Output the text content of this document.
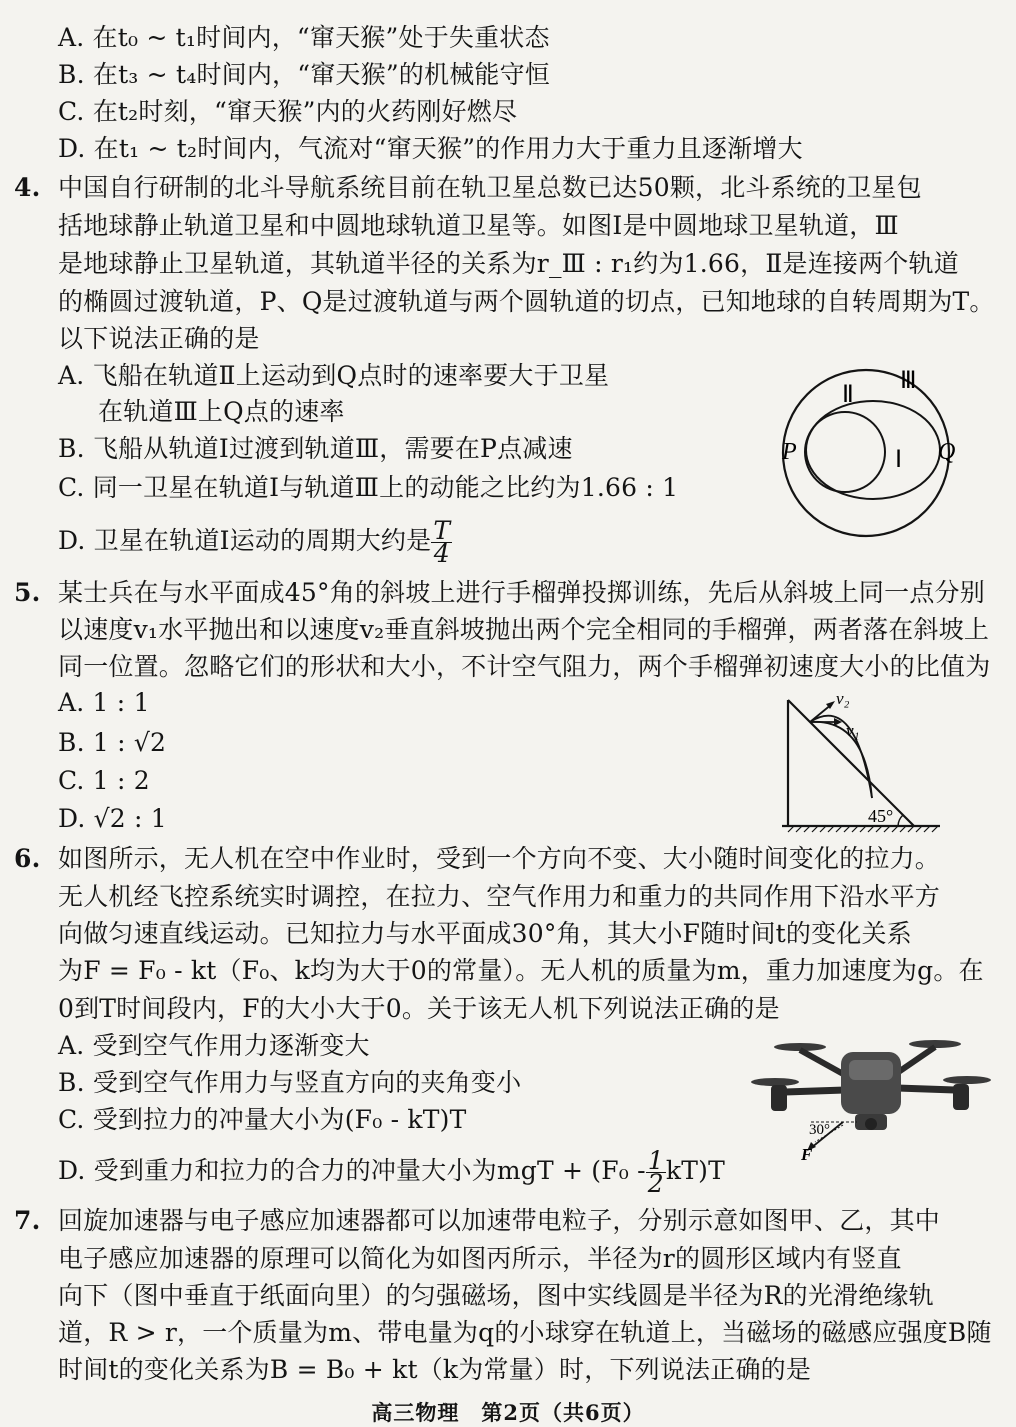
A. 在t₀ ~ t₁时间内，“窜天猴”处于失重状态
B. 在t₃ ~ t₄时间内，“窜天猴”的机械能守恒
C. 在t₂时刻，“窜天猴”内的火药刚好燃尽
D. 在t₁ ~ t₂时间内，气流对“窜天猴”的作用力大于重力且逐渐增大
4. 中国自行研制的北斗导航系统目前在轨卫星总数已达50颗，北斗系统的卫星包
括地球静止轨道卫星和中圆地球轨道卫星等。如图Ⅰ是中圆地球卫星轨道，Ⅲ
是地球静止卫星轨道，其轨道半径的关系为r_Ⅲ : r₁约为1.66，Ⅱ是连接两个轨道
的椭圆过渡轨道，P、Q是过渡轨道与两个圆轨道的切点，已知地球的自转周期为T。
以下说法正确的是
A. 飞船在轨道Ⅱ上运动到Q点时的速率要大于卫星
在轨道Ⅲ上Q点的速率
B. 飞船从轨道Ⅰ过渡到轨道Ⅲ，需要在P点减速
C. 同一卫星在轨道Ⅰ与轨道Ⅲ上的动能之比约为1.66 : 1
D. 卫星在轨道Ⅰ运动的周期大约是 $\frac{T}{4}$
Ⅰ
Ⅱ
Ⅲ
P	Q
5. 某士兵在与水平面成45°角的斜坡上进行手榴弹投掷训练，先后从斜坡上同一点分别
以速度v₁水平抛出和以速度v₂垂直斜坡抛出两个完全相同的手榴弹，两者落在斜坡上
同一位置。忽略它们的形状和大小，不计空气阻力，两个手榴弹初速度大小的比值为
A. 1 : 1
B. 1 : √2
C. 1 : 2
D. √2 : 1
v₂
v₁
45°
6. 如图所示，无人机在空中作业时，受到一个方向不变、大小随时间变化的拉力。
无人机经飞控系统实时调控，在拉力、空气作用力和重力的共同作用下沿水平方
向做匀速直线运动。已知拉力与水平面成30°角，其大小F随时间t的变化关系
为F = F₀ - kt（F₀、k均为大于0的常量）。无人机的质量为m，重力加速度为g。在
0到T时间段内，F的大小大于0。关于该无人机下列说法正确的是
A. 受到空气作用力逐渐变大
B. 受到空气作用力与竖直方向的夹角变小
C. 受到拉力的冲量大小为(F₀ - kT)T
D. 受到重力和拉力的合力的冲量大小为mgT + $(F_0 - \frac{1}{2} kT)T$
30°
F
7. 回旋加速器与电子感应加速器都可以加速带电粒子，分别示意如图甲、乙，其中
电子感应加速器的原理可以简化为如图丙所示，半径为r的圆形区域内有竖直
向下（图中垂直于纸面向里）的匀强磁场，图中实线圆是半径为R的光滑绝缘轨
道，R > r，一个质量为m、带电量为q的小球穿在轨道上，当磁场的磁感应强度B随
时间t的变化关系为B = B₀ + kt（k为常量）时，下列说法正确的是
高三物理　第2页（共6页）
